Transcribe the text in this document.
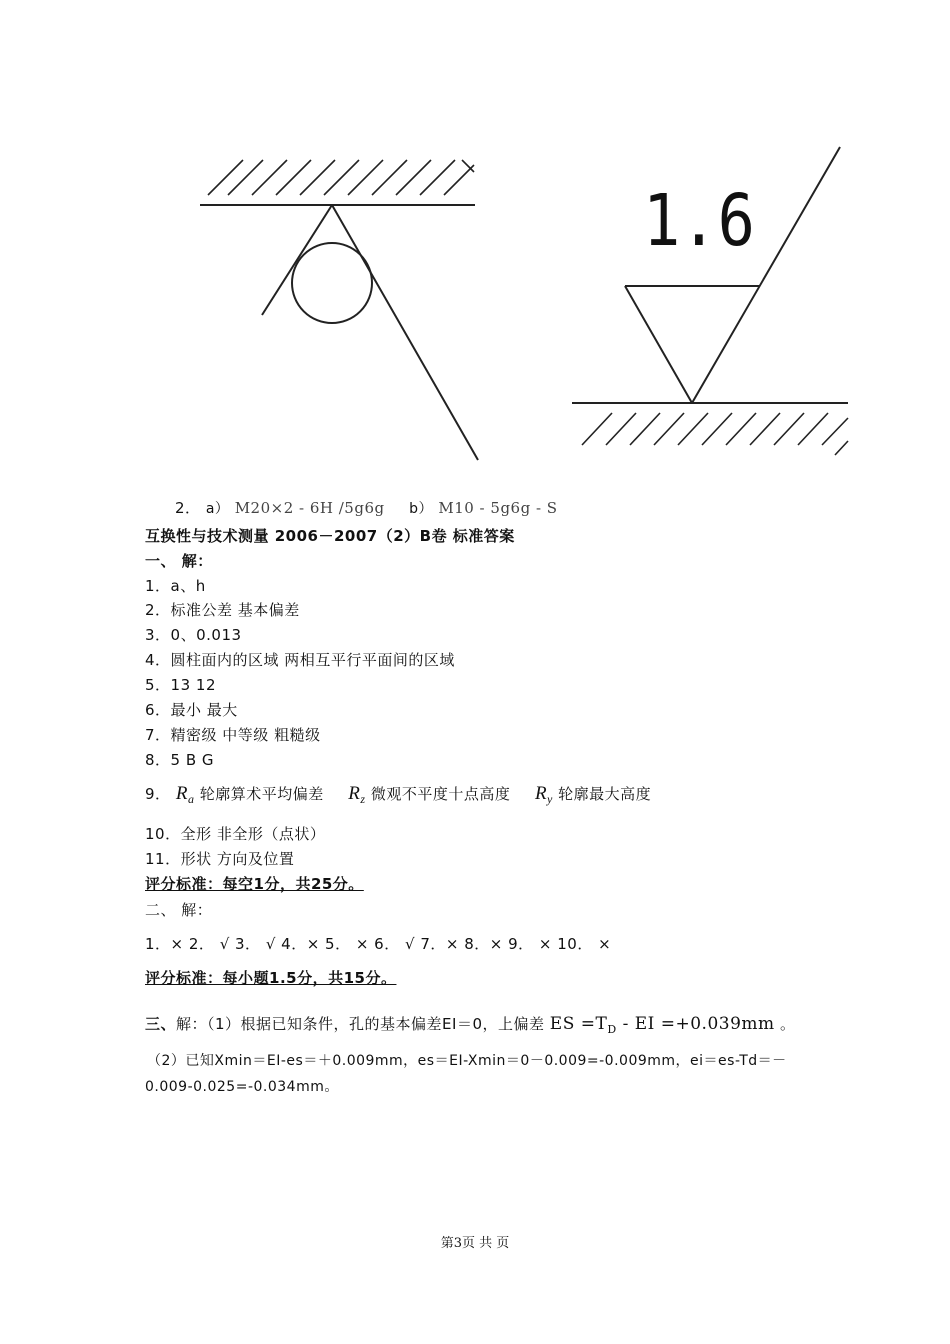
1.6
2． a） M20×2 - 6H /5g6g b） M10 - 5g6g - S
互换性与技术测量 2006－2007（2）B卷 标准答案
一、 解：
1．a、h
2．标准公差 基本偏差
3．0、0.013
4．圆柱面内的区域 两相互平行平面间的区域
5．13 12
6．最小 最大
7．精密级 中等级 粗糙级
8．5 B G
9． $R_a$ 轮廓算术平均偏差 $R_z$ 微观不平度十点高度 $R_y$ 轮廓最大高度
10．全形 非全形（点状）
11．形状 方向及位置
评分标准：每空1分，共25分。
二、 解：
1．× 2． √ 3． √ 4．× 5． × 6． √ 7．× 8．× 9． × 10． ×
评分标准：每小题1.5分，共15分。
三、解：（1）根据已知条件，孔的基本偏差EI＝0，上偏差 ES $=T_D$ - EI =+0.039mm 。
（2）已知Xmin＝EI-es＝＋0.009mm，es＝EI-Xmin＝0－0.009=-0.009mm，ei＝es-Td＝－
0.009-0.025=-0.034mm。
第3页 共 页
